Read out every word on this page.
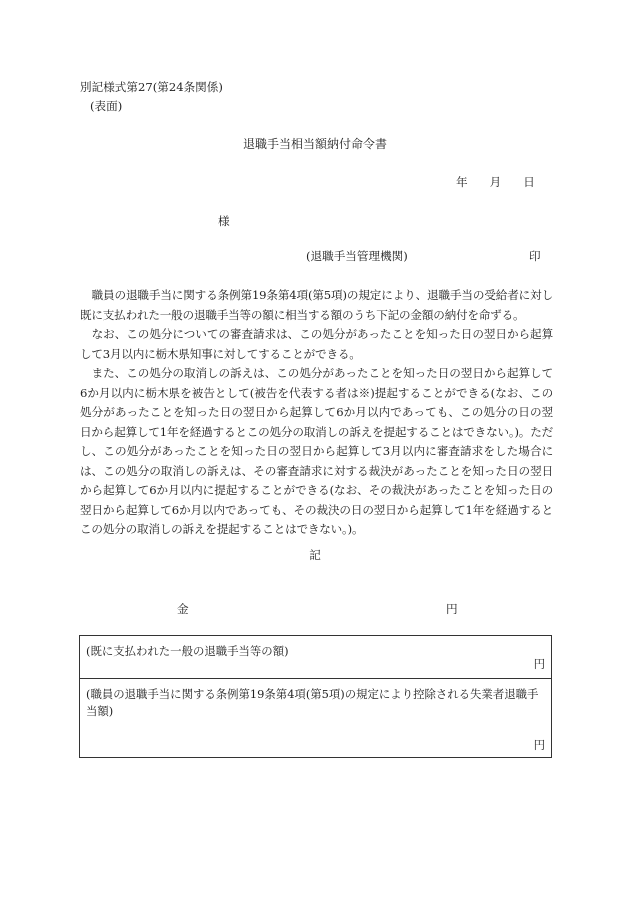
別記様式第27(第24条関係)
(表面)
退職手当相当額納付命令書
年 月 日
様
(退職手当管理機関)	印
職員の退職手当に関する条例第19条第4項(第5項)の規定により、退職手当の受給者に対し既に支払われた一般の退職手当等の額に相当する額のうち下記の金額の納付を命ずる。
なお、この処分についての審査請求は、この処分があったことを知った日の翌日から起算して3月以内に栃木県知事に対してすることができる。
また、この処分の取消しの訴えは、この処分があったことを知った日の翌日から起算して6か月以内に栃木県を被告として(被告を代表する者は※)提起することができる(なお、この処分があったことを知った日の翌日から起算して6か月以内であっても、この処分の日の翌日から起算して1年を経過するとこの処分の取消しの訴えを提起することはできない。)。ただし、この処分があったことを知った日の翌日から起算して3月以内に審査請求をした場合には、この処分の取消しの訴えは、その審査請求に対する裁決があったことを知った日の翌日から起算して6か月以内に提起することができる(なお、その裁決があったことを知った日の翌日から起算して6か月以内であっても、その裁決の日の翌日から起算して1年を経過するとこの処分の取消しの訴えを提起することはできない。)。
記
金	円
(既に支払われた一般の退職手当等の額)
円
(職員の退職手当に関する条例第19条第4項(第5項)の規定により控除される失業者退職手当額)
円
